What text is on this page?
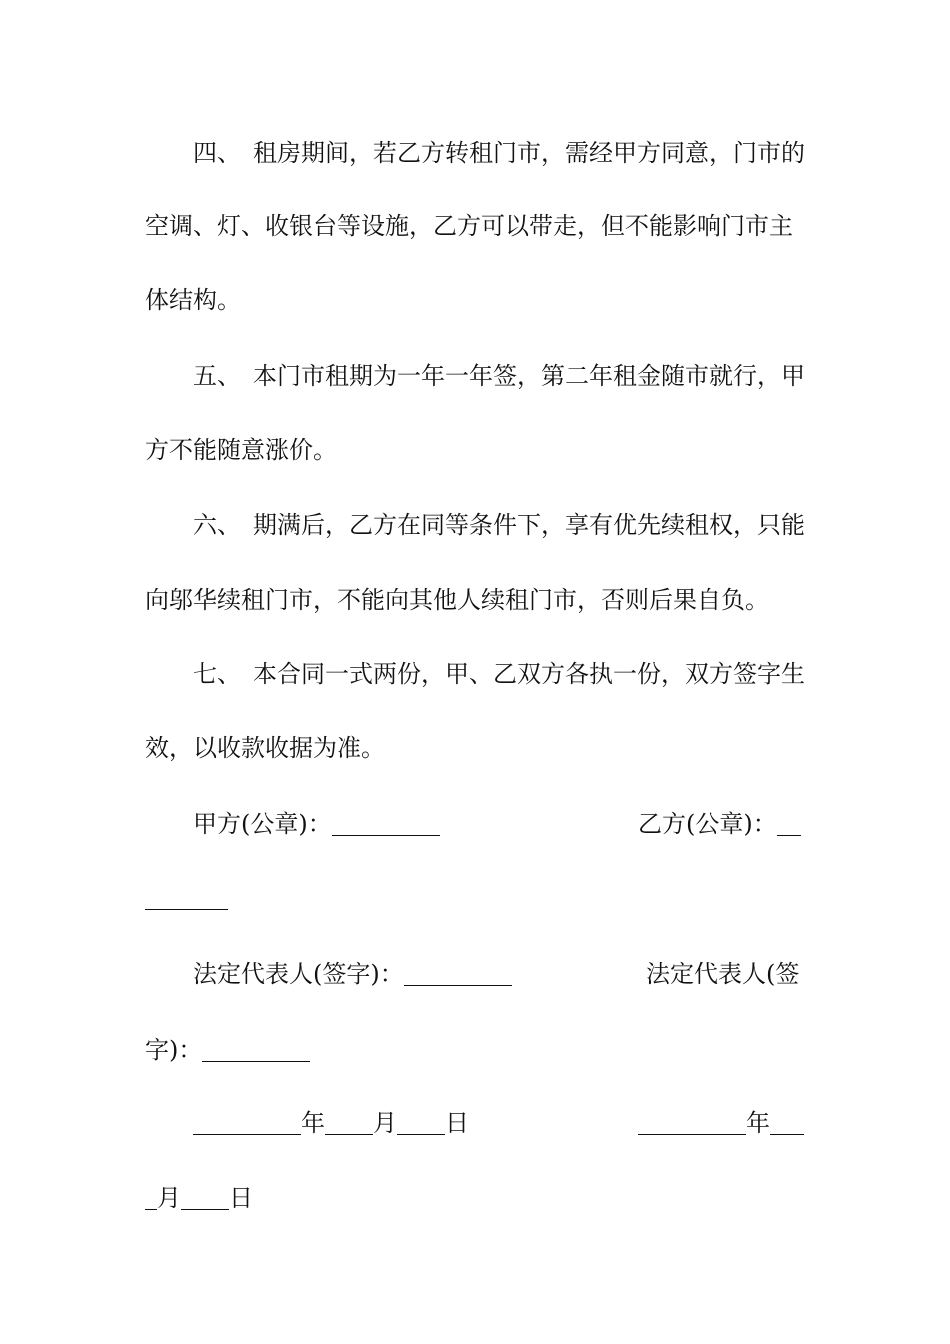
四、 租房期间，若乙方转租门市，需经甲方同意，门市的
空调、灯、收银台等设施，乙方可以带走，但不能影响门市主
体结构。
五、 本门市租期为一年一年签，第二年租金随市就行，甲
方不能随意涨价。
六、 期满后，乙方在同等条件下，享有优先续租权，只能
向邬华续租门市，不能向其他人续租门市，否则后果自负。
七、 本合同一式两份，甲、乙双方各执一份，双方签字生
效，以收款收据为准。
甲方(公章)：	乙方(公章)：
法定代表人(签字)：	法定代表人(签
字)：
年 月 日	年
月 日
